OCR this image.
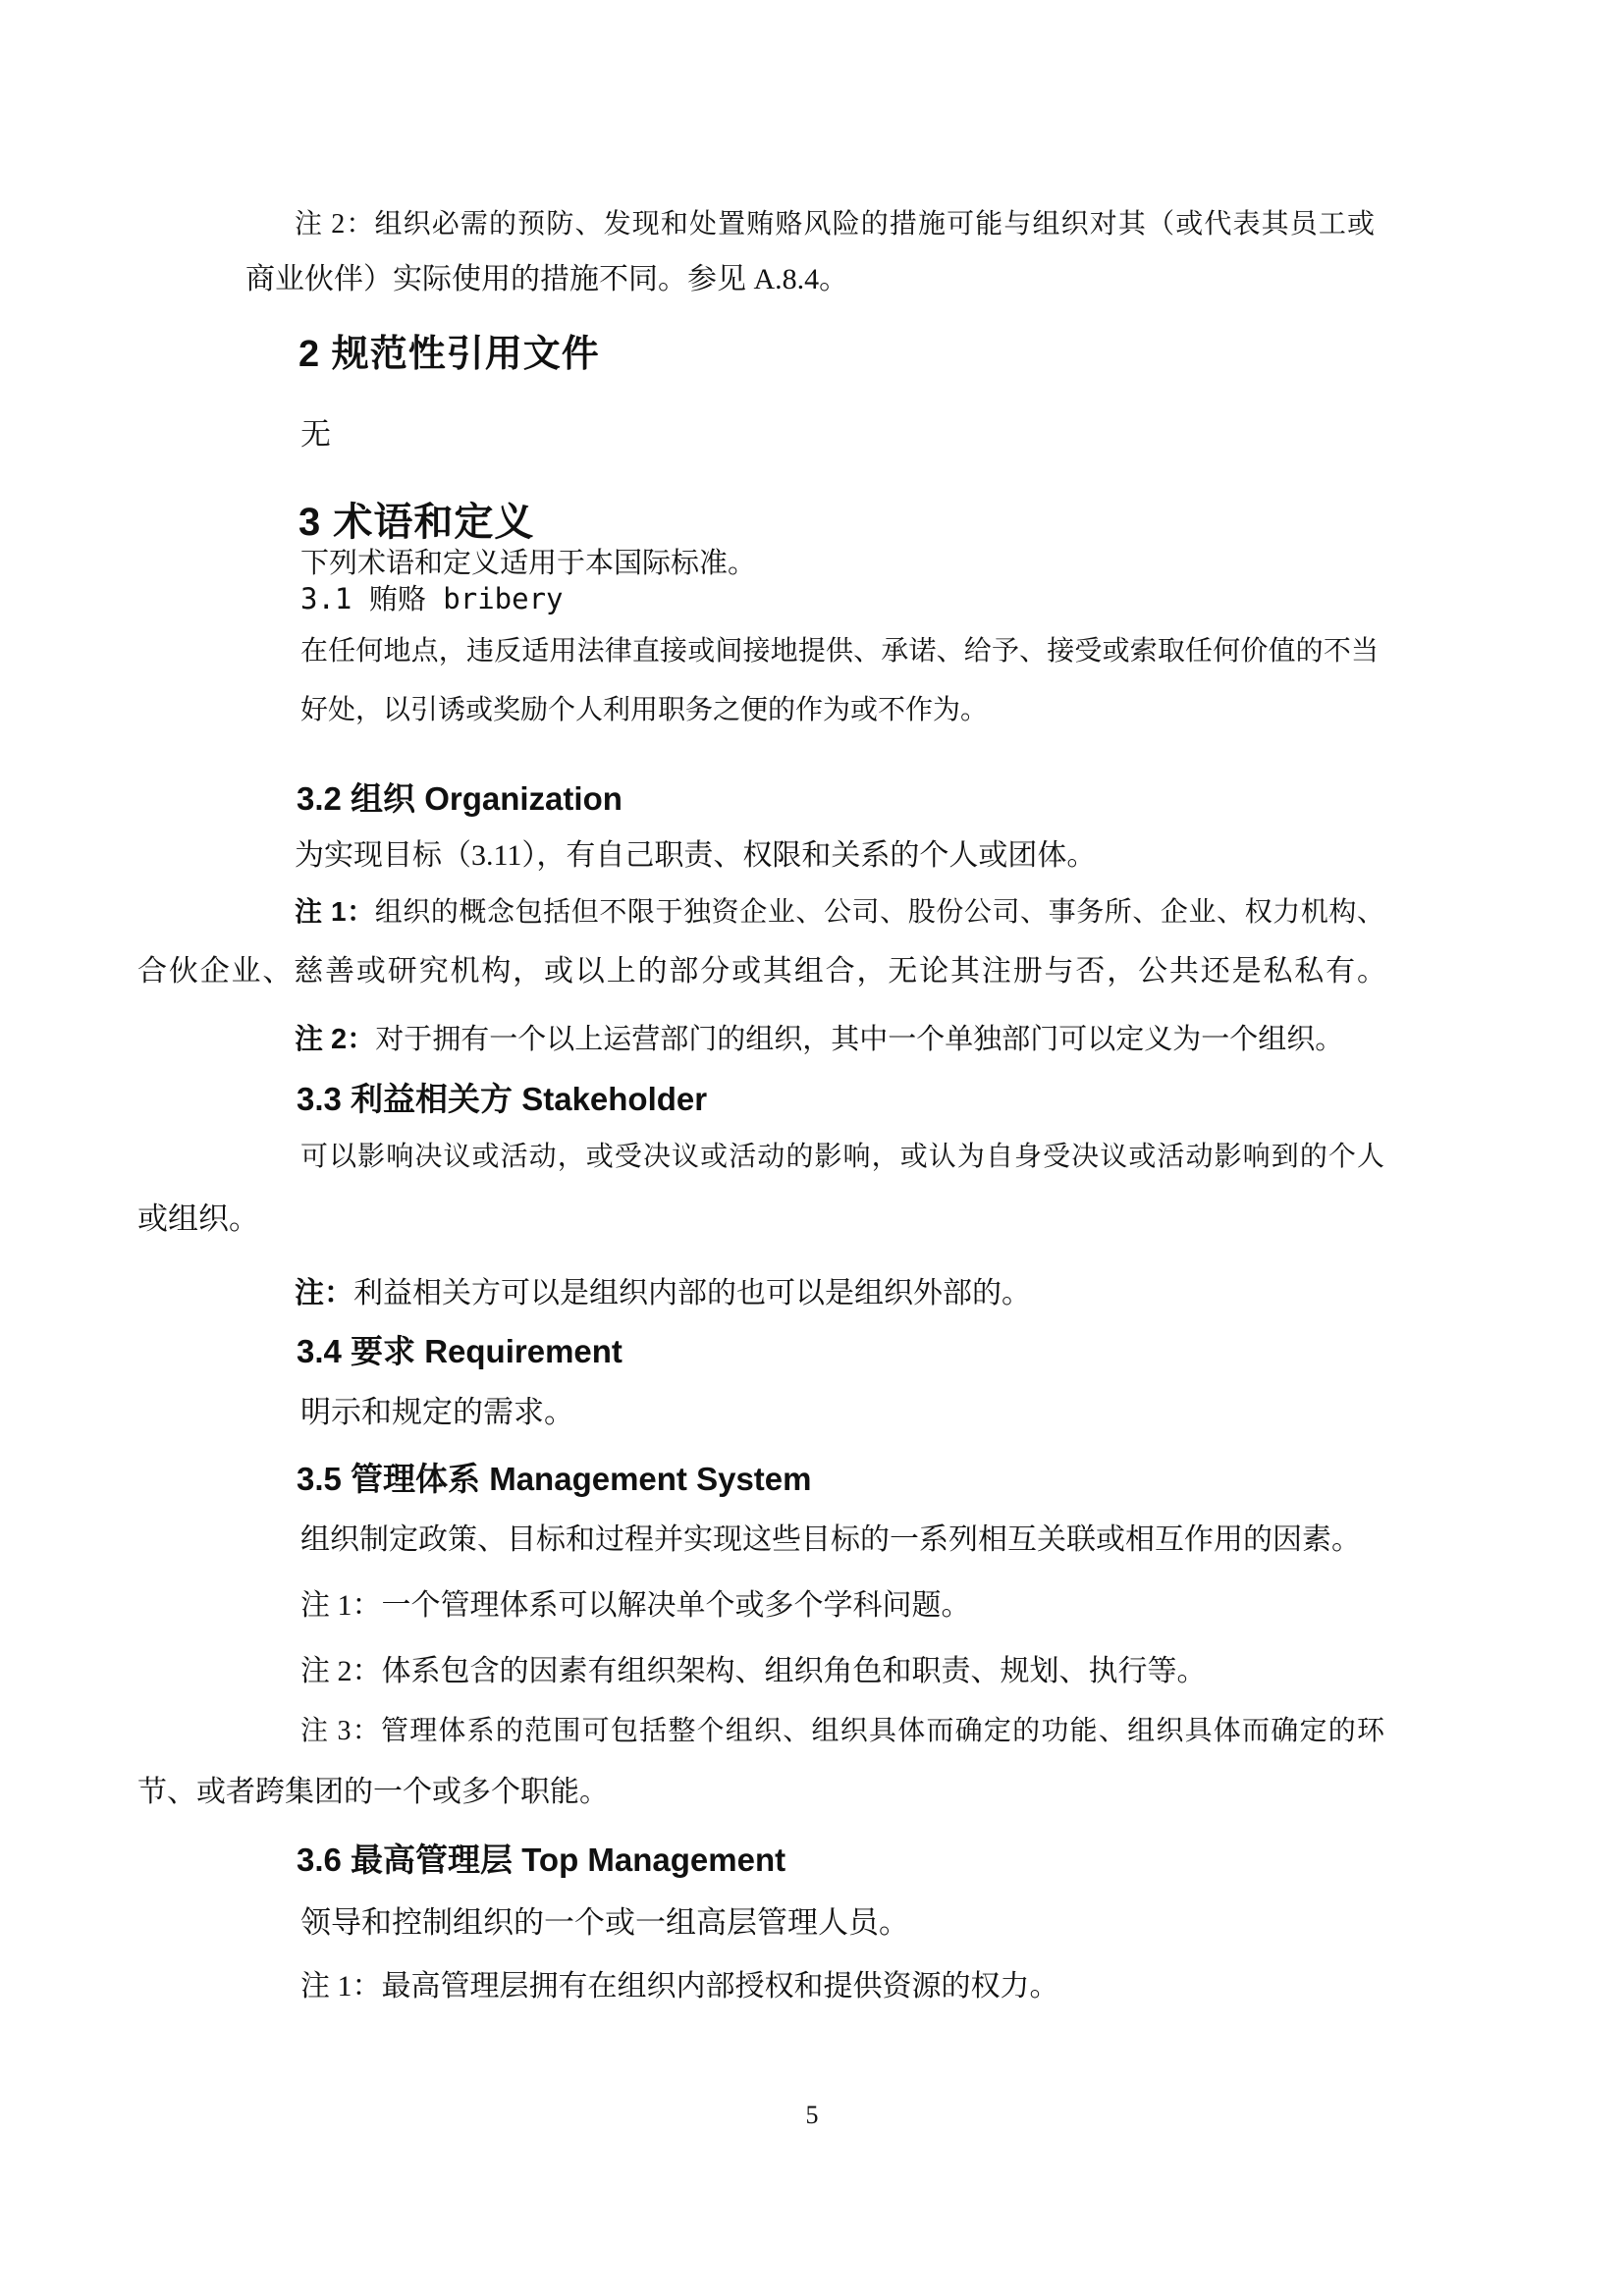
注 2：组织必需的预防、发现和处置贿赂风险的措施可能与组织对其（或代表其员工或
商业伙伴）实际使用的措施不同。参见 A.8.4。
2 规范性引用文件
无
3 术语和定义
下列术语和定义适用于本国际标准。
3.1 贿赂 bribery
在任何地点，违反适用法律直接或间接地提供、承诺、给予、接受或索取任何价值的不当
好处，以引诱或奖励个人利用职务之便的作为或不作为。
3.2 组织 Organization
为实现目标（3.11），有自己职责、权限和关系的个人或团体。
注 1：组织的概念包括但不限于独资企业、公司、股份公司、事务所、企业、权力机构、
合伙企业、慈善或研究机构，或以上的部分或其组合，无论其注册与否，公共还是私私有。
注 2：对于拥有一个以上运营部门的组织，其中一个单独部门可以定义为一个组织。
3.3 利益相关方 Stakeholder
可以影响决议或活动，或受决议或活动的影响，或认为自身受决议或活动影响到的个人
或组织。
注：利益相关方可以是组织内部的也可以是组织外部的。
3.4 要求 Requirement
明示和规定的需求。
3.5 管理体系 Management System
组织制定政策、目标和过程并实现这些目标的一系列相互关联或相互作用的因素。
注 1：一个管理体系可以解决单个或多个学科问题。
注 2：体系包含的因素有组织架构、组织角色和职责、规划、执行等。
注 3：管理体系的范围可包括整个组织、组织具体而确定的功能、组织具体而确定的环
节、或者跨集团的一个或多个职能。
3.6 最高管理层 Top Management
领导和控制组织的一个或一组高层管理人员。
注 1：最高管理层拥有在组织内部授权和提供资源的权力。
5
